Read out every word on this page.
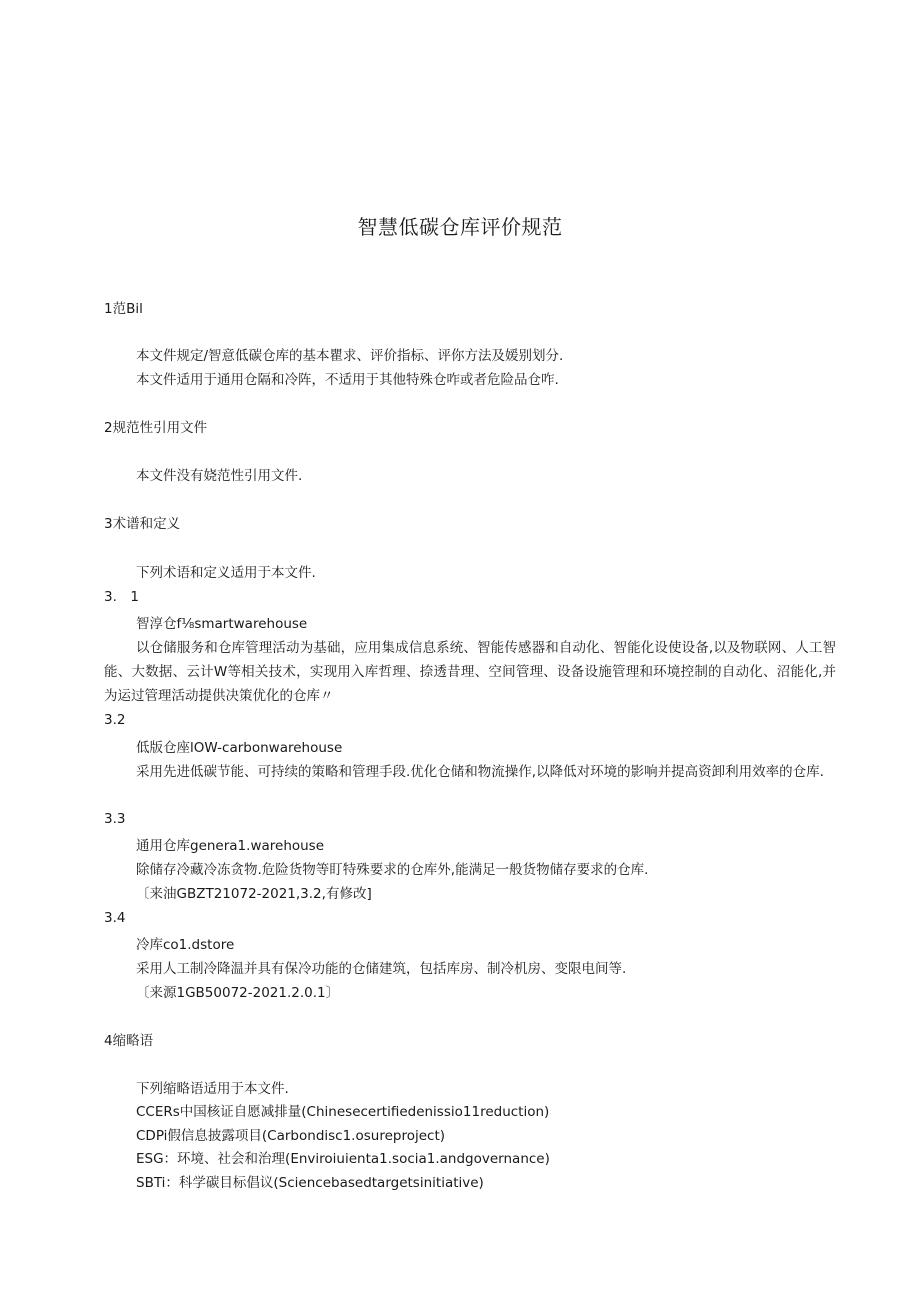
智慧低碳仓库评价规范
1范Bil
本文件规定/智意低碳仓库的基本瞿求、评价指标、评你方法及媛别划分.
本文件适用于通用仓隔和冷阵，不适用于其他特殊仓咋或者危险品仓咋.
2规范性引用文件
本文件没有娆范性引用文件.
3术谱和定义
下列术语和定义适用于本文件.
3.　1
智淳仓f⅛smartwarehouse
以仓储服务和仓库管理活动为基础，应用集成信息系统、智能传感器和自动化、智能化设使设备,以及物联网、人工智能、大数据、云计W等相关技术，实现用入库哲理、捺透昔理、空间管理、设备设施管理和环境控制的自动化、沼能化,并为运过管理活动提供决策优化的仓库〃
3.2
低版仓座lOW-carbonwarehouse
采用先进低碳节能、可持续的策略和管理手段.优化仓储和物流操作,以降低对环境的影响并提高资卸利用效率的仓库.
3.3
通用仓库genera1.warehouse
除储存冷藏冷冻贪物.危险货物等盯特殊要求的仓库外,能满足一般货物储存要求的仓库.
〔来油GBZT21072-2021,3.2,有修改]
3.4
冷库co1.dstore
采用人工制冷降温并具有保冷功能的仓储建筑，包括库房、制冷机房、变限电间等.
〔来源1GB50072-2021.2.0.1〕
4缩略语
下列缩略语适用于本文件.
CCERs中国核证自愿减排量(Chinesecertifiedenissio11reduction)
CDPi假信息披露项目(Carbondisc1.osureproject)
ESG：环境、社会和治理(Enviroiuienta1.socia1.andgovernance)
SBTi：科学碳目标倡议(Sciencebasedtargetsinitiative)
